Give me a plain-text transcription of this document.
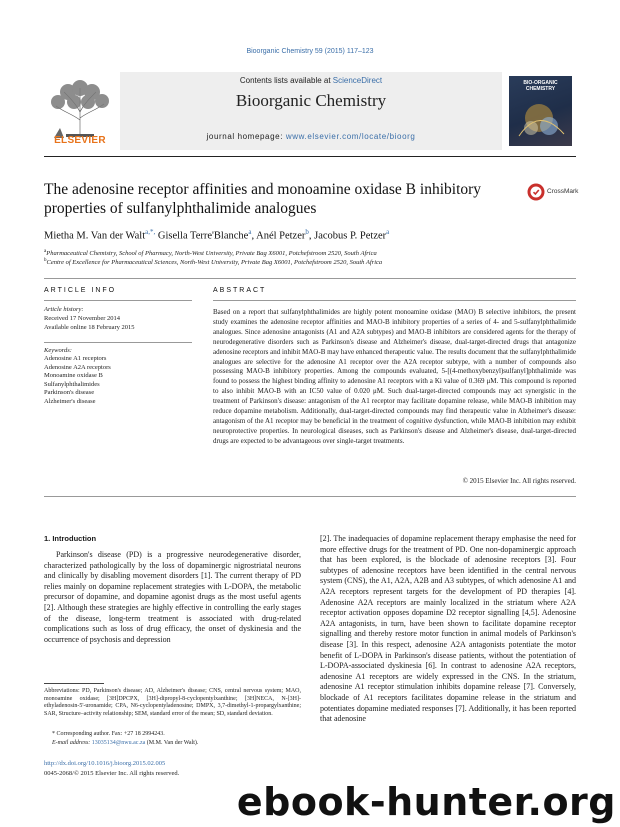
Bioorganic Chemistry 59 (2015) 117–123
ELSEVIER
Contents lists available at ScienceDirect
Bioorganic Chemistry
journal homepage: www.elsevier.com/locate/bioorg
BIO-ORGANIC CHEMISTRY
The adenosine receptor affinities and monoamine oxidase B inhibitory properties of sulfanylphthalimide analogues
CrossMark
Mietha M. Van der Walt$^{a,*,}$ Gisella Terre'Blanche$^a$, Anél Petzer$^b$, Jacobus P. Petzer$^a$
$^a$Pharmaceutical Chemistry, School of Pharmacy, North-West University, Private Bag X6001, Potchefstroom 2520, South Africa
$^b$Centre of Excellence for Pharmaceutical Sciences, North-West University, Private Bag X6001, Potchefstroom 2520, South Africa
ARTICLE INFO
Article history:
Received 17 November 2014
Available online 18 February 2015
Keywords:
Adenosine A1 receptors
Adenosine A2A receptors
Monoamine oxidase B
Sulfanylphthalimides
Parkinson's disease
Alzheimer's disease
ABSTRACT
Based on a report that sulfanylphthalimides are highly potent monoamine oxidase (MAO) B selective inhibitors, the present study examines the adenosine receptor affinities and MAO-B inhibitory properties of a series of 4- and 5-sulfanylphthalimide analogues. Since adenosine antagonists (A1 and A2A subtypes) and MAO-B inhibitors are considered agents for the therapy of neurodegenerative disorders such as Parkinson's disease and Alzheimer's disease, dual-target-directed drugs that antagonize adenosine receptors and inhibit MAO-B may have enhanced therapeutic value. The results document that the sulfanylphthalimide analogues are selective for the adenosine A1 receptor over the A2A receptor subtype, with a number of compounds also possessing MAO-B inhibitory properties. Among the compounds evaluated, 5-[(4-methoxybenzyl)sulfanyl]phthalimide was found to possess the highest binding affinity to adenosine A1 receptors with a Ki value of 0.369 μM. This compound is reported to also inhibit MAO-B with an IC50 value of 0.020 μM. Such dual-target-directed compounds may act synergistic in the treatment of Parkinson's disease: antagonism of the A1 receptor may facilitate dopamine release, while MAO-B inhibition may reduce dopamine metabolism. Additionally, dual-target-directed compounds may find therapeutic value in Alzheimer's disease: antagonism of the A1 receptor may be beneficial in the treatment of cognitive dysfunction, while MAO-B inhibition may exhibit neuroprotective properties. In neurological diseases, such as Parkinson's disease and Alzheimer's disease, dual-target-directed drugs are expected to be advantageous over single-target treatments.
© 2015 Elsevier Inc. All rights reserved.
1. Introduction
Parkinson's disease (PD) is a progressive neurodegenerative disorder, characterized pathologically by the loss of dopaminergic nigrostriatal neurons and clinically by disabling movement disorders [1]. The current therapy of PD relies mainly on dopamine replacement strategies with L-DOPA, the metabolic precursor of dopamine, and dopamine agonist drugs as the most useful agents [2]. Although these strategies are highly effective in controlling the early stages of the disease, long-term treatment is associated with drug-related complications such as loss of drug efficacy, the onset of dyskinesia and the occurrence of psychosis and depression
[2]. The inadequacies of dopamine replacement therapy emphasise the need for more effective drugs for the treatment of PD. One non-dopaminergic approach that has been explored, is the blockade of adenosine receptors [3]. Four subtypes of adenosine receptors have been identified in the central nervous system (CNS), the A1, A2A, A2B and A3 subtypes, of which adenosine A1 and A2A receptors represent targets for the development of PD therapies [4]. Adenosine A2A receptors are mainly localized in the striatum where A2A receptor activation opposes dopamine D2 receptor signalling [4,5]. Adenosine A2A antagonists, in turn, have been shown to facilitate dopamine receptor signalling and thereby restore motor function in animal models of Parkinson's disease [3]. In this respect, adenosine A2A antagonists potentiate the motor benefit of L-DOPA in Parkinson's disease patients, without the potentiation of L-DOPA-associated dyskinesia [6]. In contrast to adenosine A2A receptors, adenosine A1 receptors are widely expressed in the CNS. In the striatum, adenosine A1 receptor stimulation inhibits dopamine release [7]. Conversely, blockade of A1 receptors facilitates dopamine release in the striatum and potentiates dopamine mediated responses [7]. Additionally, it has been reported that adenosine
Abbreviations: PD, Parkinson's disease; AD, Alzheimer's disease; CNS, central nervous system; MAO, monoamine oxidase; [3H]DPCPX, [3H]-dipropyl-8-cyclopentylxanthine; [3H]NECA, N-[3H]-ethyladenosin-5'-uronamide; CPA, N6-cyclopentyladenosine; DMPX, 3,7-dimethyl-1-propargylxanthine; SAR, Structure–activity relationship; SEM, standard error of the mean; SD, standard deviation.
* Corresponding author. Fax: +27 18 2994243.
E-mail address: 13035134@nwu.ac.za (M.M. Van der Walt).
http://dx.doi.org/10.1016/j.bioorg.2015.02.005
0045-2068/© 2015 Elsevier Inc. All rights reserved.
ebook-hunter.org
